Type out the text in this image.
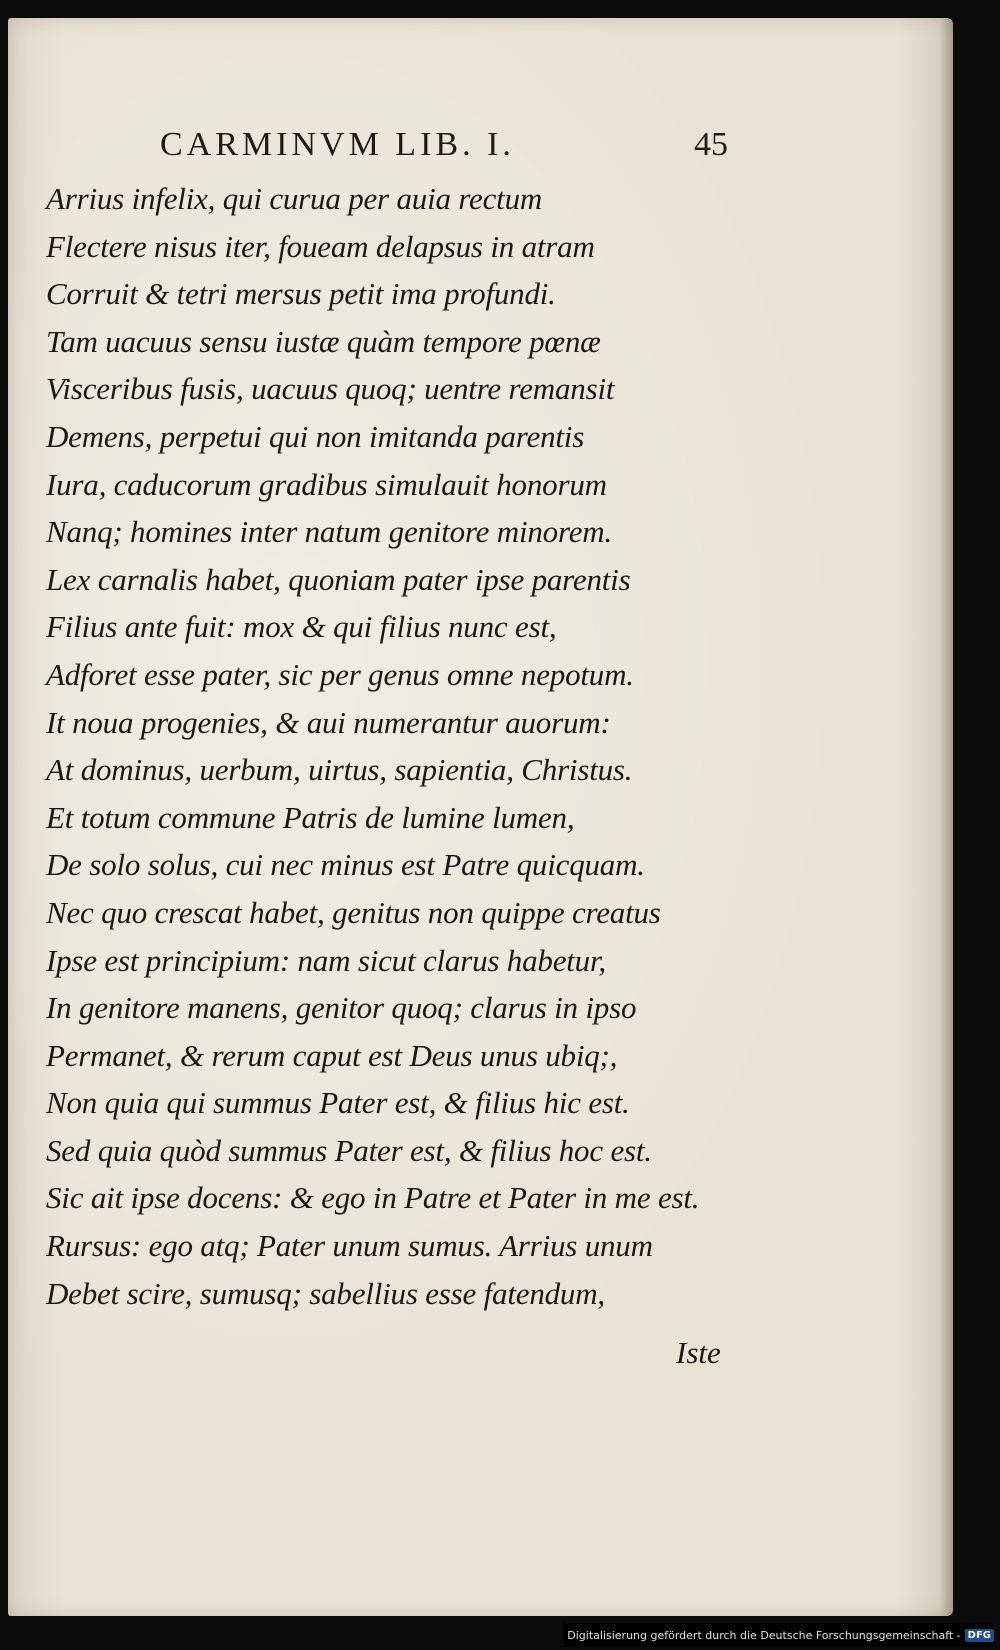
CARMINVM LIB. I.	45
Arrius infelix, qui curua per auia rectum
Flectere nisus iter, foueam delapsus in atram
Corruit & tetri mersus petit ima profundi.
Tam uacuus sensu iustæ quàm tempore pœnæ
Visceribus fusis, uacuus quoq; uentre remansit
Demens, perpetui qui non imitanda parentis
Iura, caducorum gradibus simulauit honorum
Nanq; homines inter natum genitore minorem.
Lex carnalis habet, quoniam pater ipse parentis
Filius ante fuit: mox & qui filius nunc est,
Adforet esse pater, sic per genus omne nepotum.
It noua progenies, & aui numerantur auorum:
At dominus, uerbum, uirtus, sapientia, Christus.
Et totum commune Patris de lumine lumen,
De solo solus, cui nec minus est Patre quicquam.
Nec quo crescat habet, genitus non quippe creatus
Ipse est principium: nam sicut clarus habetur,
In genitore manens, genitor quoq; clarus in ipso
Permanet, & rerum caput est Deus unus ubiq;,
Non quia qui summus Pater est, & filius hic est.
Sed quia quòd summus Pater est, & filius hoc est.
Sic ait ipse docens: & ego in Patre et Pater in me est.
Rursus: ego atq; Pater unum sumus. Arrius unum
Debet scire, sumusq; sabellius esse fatendum,
Iste
Digitalisierung gefördert durch die Deutsche Forschungsgemeinschaft - DFG
